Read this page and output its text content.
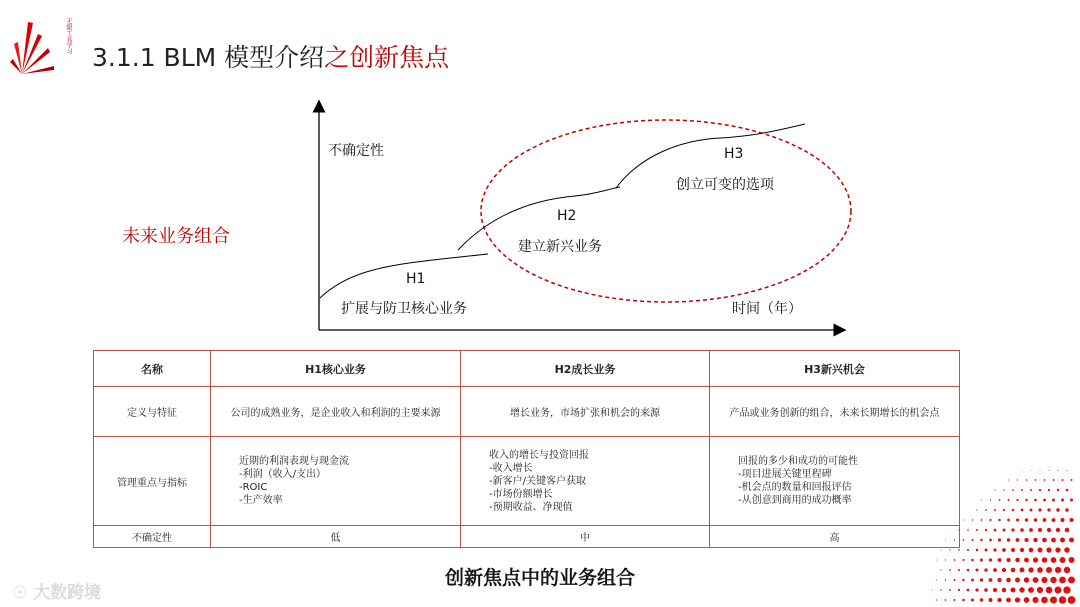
无限工具学习
3.1.1 BLM 模型介绍之创新焦点
未来业务组合
不确定性
时间（年）
H1
扩展与防卫核心业务
H2
建立新兴业务
H3
创立可变的选项
名称	H1核心业务	H2成长业务	H3新兴机会
定义与特征	公司的成熟业务，是企业收入和利润的主要来源	增长业务，市场扩张和机会的来源	产品或业务创新的组合，未来长期增长的机会点
管理重点与指标	近期的利润表现与现金流
-利润（收入/支出）
-ROIC
-生产效率	收入的增长与投资回报
-收入增长
-新客户/关键客户获取
-市场份额增长
-预期收益、净现值	回报的多少和成功的可能性
-项目进展关键里程碑
-机会点的数量和回报评估
-从创意到商用的成功概率

不确定性	低	中	高
创新焦点中的业务组合
☉ 大数跨境
